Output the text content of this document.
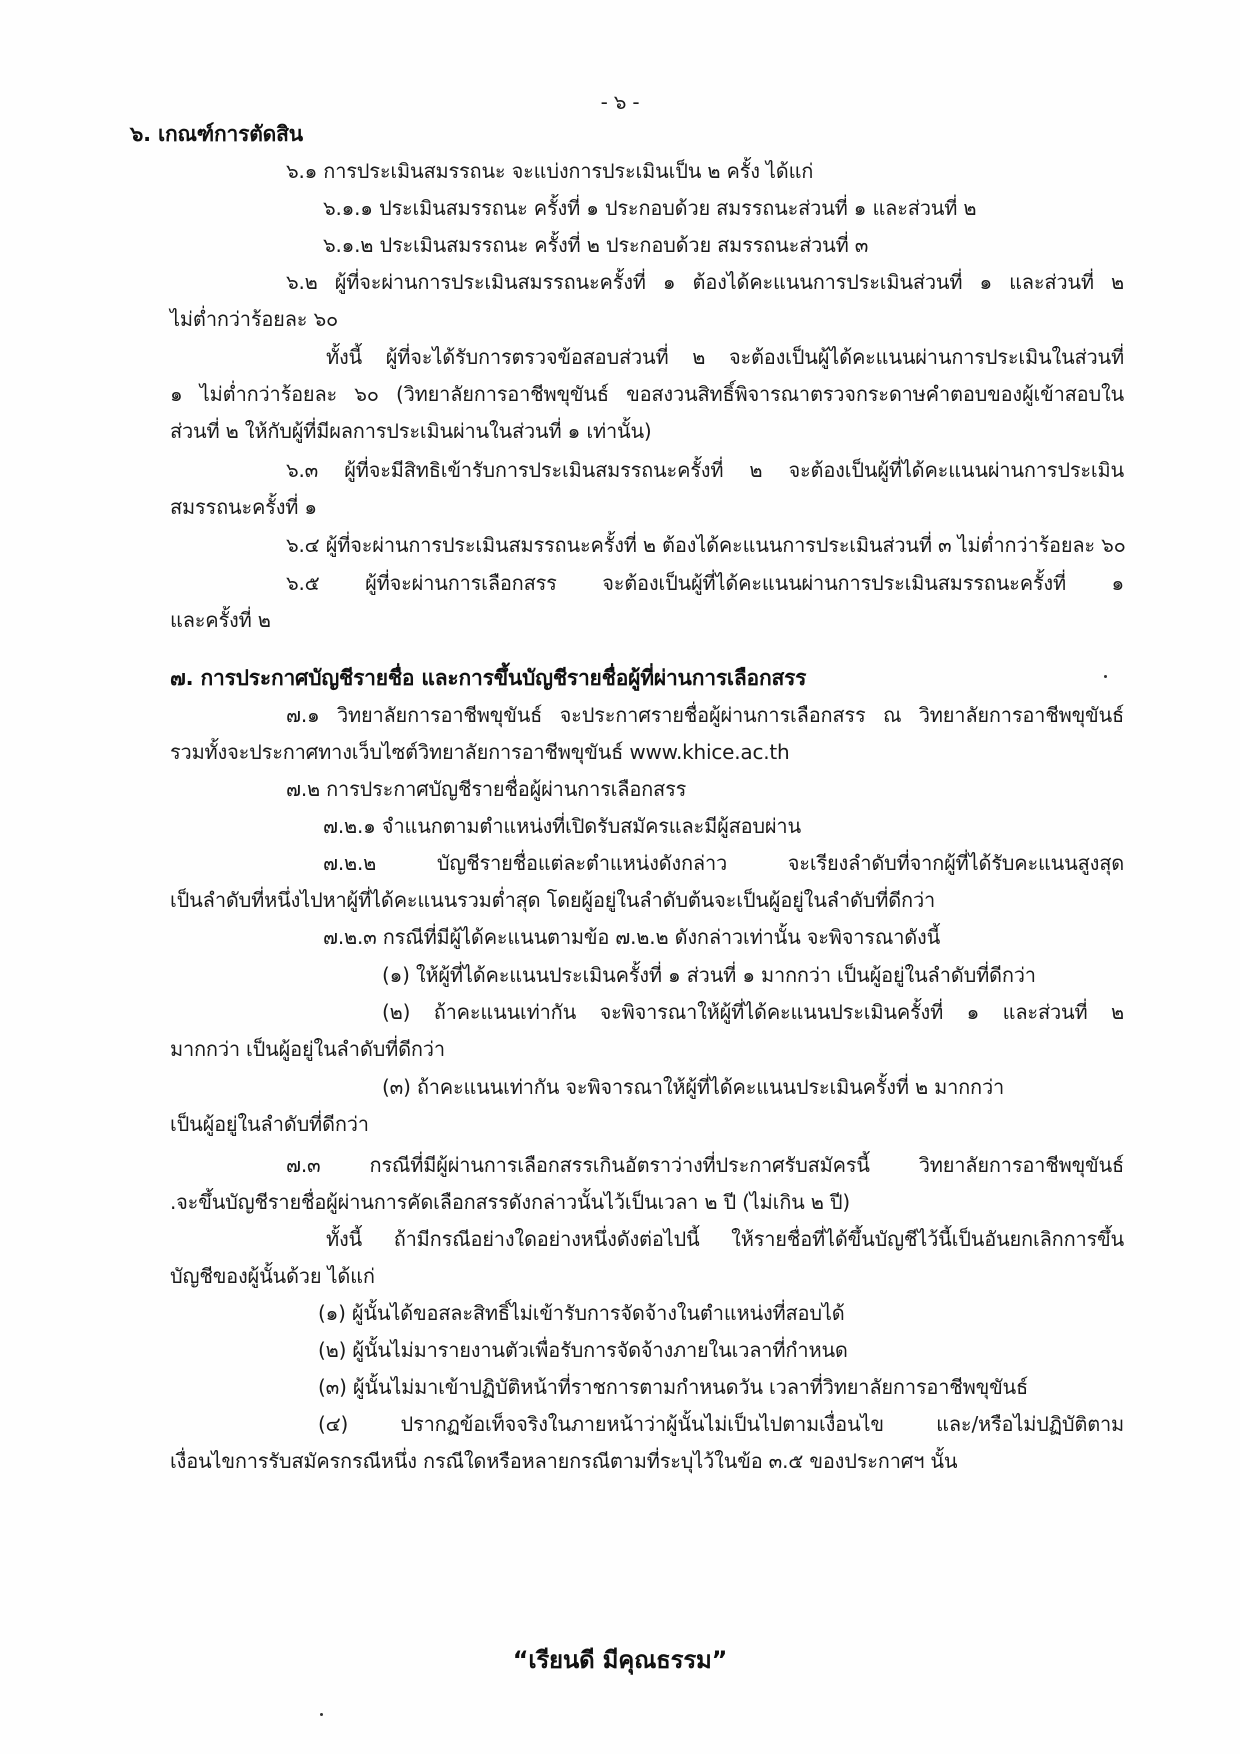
- ๖ -
๖. เกณฑ์การตัดสิน
๖.๑ การประเมินสมรรถนะ จะแบ่งการประเมินเป็น ๒ ครั้ง ได้แก่
๖.๑.๑ ประเมินสมรรถนะ ครั้งที่ ๑ ประกอบด้วย สมรรถนะส่วนที่ ๑ และส่วนที่ ๒
๖.๑.๒ ประเมินสมรรถนะ ครั้งที่ ๒ ประกอบด้วย สมรรถนะส่วนที่ ๓
๖.๒ ผู้ที่จะผ่านการประเมินสมรรถนะครั้งที่ ๑ ต้องได้คะแนนการประเมินส่วนที่ ๑ และส่วนที่ ๒
ไม่ต่ำกว่าร้อยละ ๖๐
ทั้งนี้ ผู้ที่จะได้รับการตรวจข้อสอบส่วนที่ ๒ จะต้องเป็นผู้ได้คะแนนผ่านการประเมินในส่วนที่
๑ ไม่ต่ำกว่าร้อยละ ๖๐ (วิทยาลัยการอาชีพขุขันธ์ ขอสงวนสิทธิ์พิจารณาตรวจกระดาษคำตอบของผู้เข้าสอบใน
ส่วนที่ ๒ ให้กับผู้ที่มีผลการประเมินผ่านในส่วนที่ ๑ เท่านั้น)
๖.๓ ผู้ที่จะมีสิทธิเข้ารับการประเมินสมรรถนะครั้งที่ ๒ จะต้องเป็นผู้ที่ได้คะแนนผ่านการประเมิน
สมรรถนะครั้งที่ ๑
๖.๔ ผู้ที่จะผ่านการประเมินสมรรถนะครั้งที่ ๒ ต้องได้คะแนนการประเมินส่วนที่ ๓ ไม่ต่ำกว่าร้อยละ ๖๐
๖.๕ ผู้ที่จะผ่านการเลือกสรร จะต้องเป็นผู้ที่ได้คะแนนผ่านการประเมินสมรรถนะครั้งที่ ๑
และครั้งที่ ๒
๗. การประกาศบัญชีรายชื่อ และการขึ้นบัญชีรายชื่อผู้ที่ผ่านการเลือกสรร
๗.๑ วิทยาลัยการอาชีพขุขันธ์ จะประกาศรายชื่อผู้ผ่านการเลือกสรร ณ วิทยาลัยการอาชีพขุขันธ์
รวมทั้งจะประกาศทางเว็บไซต์วิทยาลัยการอาชีพขุขันธ์ www.khice.ac.th
๗.๒ การประกาศบัญชีรายชื่อผู้ผ่านการเลือกสรร
๗.๒.๑ จำแนกตามตำแหน่งที่เปิดรับสมัครและมีผู้สอบผ่าน
๗.๒.๒ บัญชีรายชื่อแต่ละตำแหน่งดังกล่าว จะเรียงลำดับที่จากผู้ที่ได้รับคะแนนสูงสุด
เป็นลำดับที่หนึ่งไปหาผู้ที่ได้คะแนนรวมต่ำสุด โดยผู้อยู่ในลำดับต้นจะเป็นผู้อยู่ในลำดับที่ดีกว่า
๗.๒.๓ กรณีที่มีผู้ได้คะแนนตามข้อ ๗.๒.๒ ดังกล่าวเท่านั้น จะพิจารณาดังนี้
(๑) ให้ผู้ที่ได้คะแนนประเมินครั้งที่ ๑ ส่วนที่ ๑ มากกว่า เป็นผู้อยู่ในลำดับที่ดีกว่า
(๒) ถ้าคะแนนเท่ากัน จะพิจารณาให้ผู้ที่ได้คะแนนประเมินครั้งที่ ๑ และส่วนที่ ๒
มากกว่า เป็นผู้อยู่ในลำดับที่ดีกว่า
(๓) ถ้าคะแนนเท่ากัน จะพิจารณาให้ผู้ที่ได้คะแนนประเมินครั้งที่ ๒ มากกว่า
เป็นผู้อยู่ในลำดับที่ดีกว่า
๗.๓ กรณีที่มีผู้ผ่านการเลือกสรรเกินอัตราว่างที่ประกาศรับสมัครนี้ วิทยาลัยการอาชีพขุขันธ์
.จะขึ้นบัญชีรายชื่อผู้ผ่านการคัดเลือกสรรดังกล่าวนั้นไว้เป็นเวลา ๒ ปี (ไม่เกิน ๒ ปี)
ทั้งนี้ ถ้ามีกรณีอย่างใดอย่างหนึ่งดังต่อไปนี้ ให้รายชื่อที่ได้ขึ้นบัญชีไว้นี้เป็นอันยกเลิกการขึ้น
บัญชีของผู้นั้นด้วย ได้แก่
(๑) ผู้นั้นได้ขอสละสิทธิ์ไม่เข้ารับการจัดจ้างในตำแหน่งที่สอบได้
(๒) ผู้นั้นไม่มารายงานตัวเพื่อรับการจัดจ้างภายในเวลาที่กำหนด
(๓) ผู้นั้นไม่มาเข้าปฏิบัติหน้าที่ราชการตามกำหนดวัน เวลาที่วิทยาลัยการอาชีพขุขันธ์
(๔) ปรากฏข้อเท็จจริงในภายหน้าว่าผู้นั้นไม่เป็นไปตามเงื่อนไข และ/หรือไม่ปฏิบัติตาม
เงื่อนไขการรับสมัครกรณีหนึ่ง กรณีใดหรือหลายกรณีตามที่ระบุไว้ในข้อ ๓.๕ ของประกาศฯ นั้น
“เรียนดี มีคุณธรรม”
